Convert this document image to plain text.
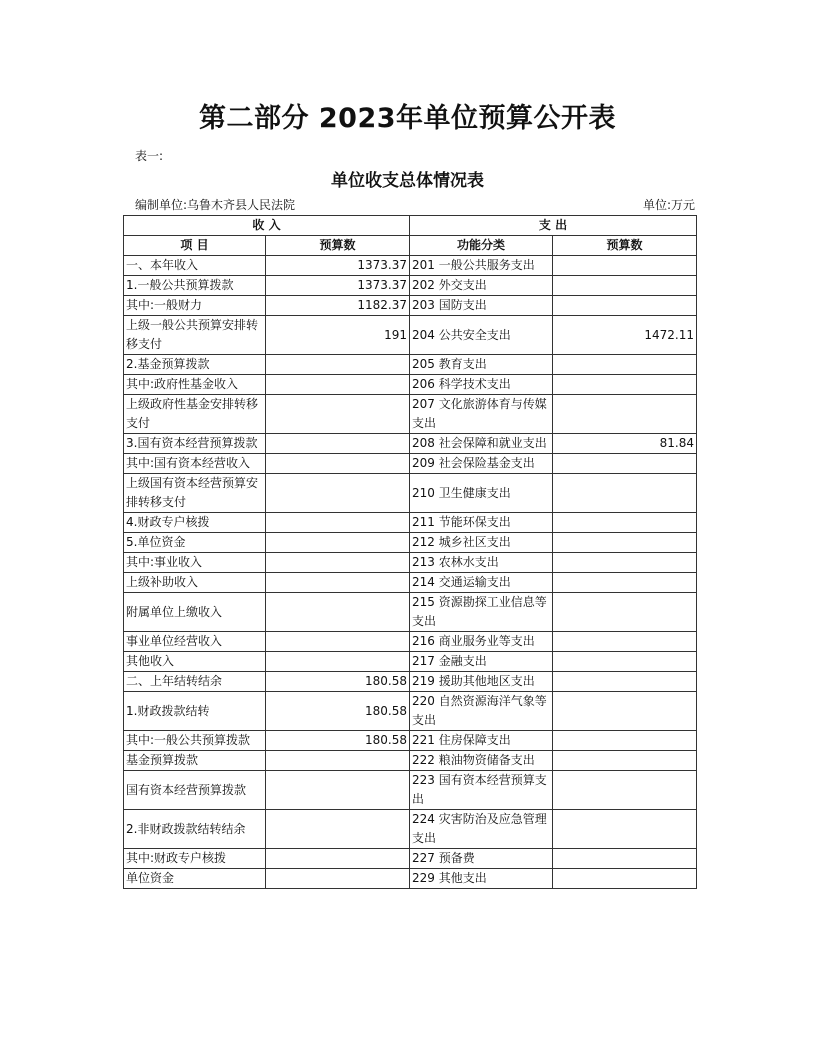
第二部分 2023年单位预算公开表
表一:
单位收支总体情况表
编制单位:乌鲁木齐县人民法院	单位:万元
收 入		支 出	
项 目	预算数	功能分类	预算数
一、本年收入	1373.37	201 一般公共服务支出	
1.一般公共预算拨款	1373.37	202 外交支出	
其中:一般财力	1182.37	203 国防支出	
上级一般公共预算安排转移支付	191	204 公共安全支出	1472.11
2.基金预算拨款		205 教育支出	
其中:政府性基金收入		206 科学技术支出	
上级政府性基金安排转移支付		207 文化旅游体育与传媒支出	
3.国有资本经营预算拨款		208 社会保障和就业支出	81.84
其中:国有资本经营收入		209 社会保险基金支出	
上级国有资本经营预算安排转移支付		210 卫生健康支出	
4.财政专户核拨		211 节能环保支出	
5.单位资金		212 城乡社区支出	
其中:事业收入		213 农林水支出	
上级补助收入		214 交通运输支出	
附属单位上缴收入		215 资源勘探工业信息等支出	
事业单位经营收入		216 商业服务业等支出	
其他收入		217 金融支出	
二、上年结转结余	180.58	219 援助其他地区支出	
1.财政拨款结转	180.58	220 自然资源海洋气象等支出	
其中:一般公共预算拨款	180.58	221 住房保障支出	
基金预算拨款		222 粮油物资储备支出	
国有资本经营预算拨款		223 国有资本经营预算支出	
2.非财政拨款结转结余		224 灾害防治及应急管理支出	
其中:财政专户核拨		227 预备费	
单位资金		229 其他支出	
